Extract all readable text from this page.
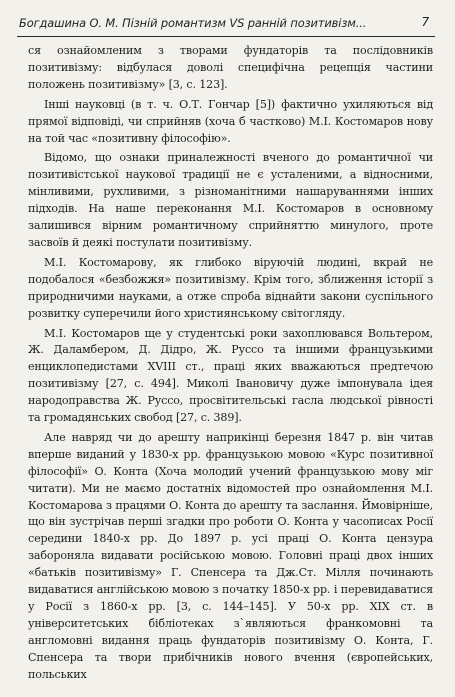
Богдашина О. М. Пізній романтизм VS ранній позитивізм...	7

ся ознайомленим з творами фундаторів та послідовників позитивізму: відбулася доволі специфічна рецепція частини положень позитивізму» [3, с. 123].

Інші науковці (в т. ч. О.Т. Гончар [5]) фактично ухиляються від прямої відповіді, чи сприйняв (хоча б частково) М.І. Костомаров нову на той час «позитивну філософію».

Відомо, що ознаки приналежності вченого до романтичної чи позитивістської наукової традиції не є усталеними, а відносними, мінливими, рухливими, з різноманітними нашаруваннями інших підходів. На наше переконання М.І. Костомаров в основному залишився вірним романтичному сприйняттю минулого, проте засвоїв й деякі постулати позитивізму.

М.І. Костомарову, як глибоко віруючій людині, вкрай не подобалося «безбожжя» позитивізму. Крім того, зближення історії з природничими науками, а отже спроба віднайти закони суспільного розвитку суперечили його християнському світогляду.

М.І. Костомаров ще у студентські роки захоплювався Вольтером, Ж. Даламбером, Д. Дідро, Ж. Руссо та іншими французькими енциклопедистами XVIII ст., праці яких вважаються предтечою позитивізму [27, с. 494]. Миколі Івановичу дуже імпонувала ідея народоправства Ж. Руссо, просвітительські гасла людської рівності та громадянських свобод [27, с. 389].

Але навряд чи до арешту наприкінці березня 1847 р. він читав вперше виданий у 1830-х рр. французькою мовою «Курс позитивної філософії» О. Конта (Хоча молодий учений французькою мову міг читати). Ми не маємо достатніх відомостей про ознайомлення М.І. Костомарова з працями О. Конта до арешту та заслання. Ймовірніше, що він зустрічав перші згадки про роботи О. Конта у часописах Росії середини 1840-х рр. До 1897 р. усі праці О. Конта цензура заборонялa видавати російською мовою. Головні праці двох інших «батьків позитивізму» Г. Спенсера та Дж.Ст. Мілля починають видаватися англійською мовою з початку 1850-х рр. і перевидаватися у Росії з 1860-х рр. [3, с. 144–145]. У 50-х рр. XIX ст. в університетських бібліотеках з`являються франкомовні та англомовні видання праць фундаторів позитивізму О. Конта, Г. Спенсера та твори прибічників нового вчення (європейських, польських
